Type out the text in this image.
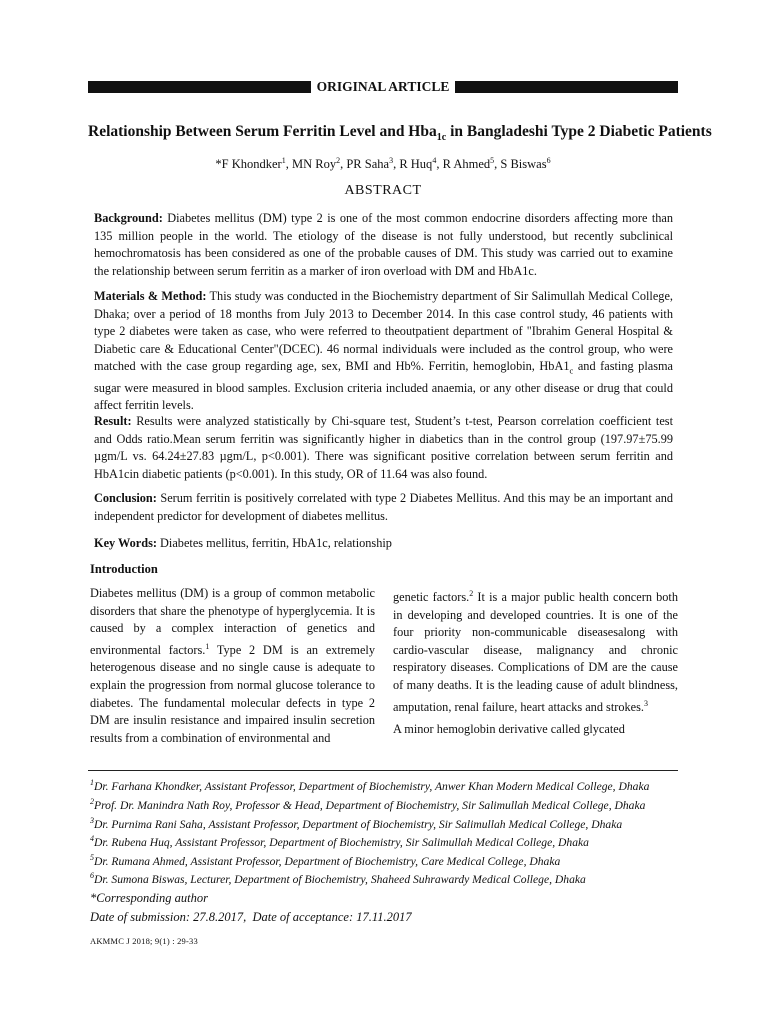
ORIGINAL ARTICLE
Relationship Between Serum Ferritin Level and Hba$_{1c}$ in Bangladeshi Type 2 Diabetic Patients
*F Khondker$^1$, MN Roy$^2$, PR Saha$^3$, R Huq$^4$, R Ahmed$^5$, S Biswas$^6$
ABSTRACT

Background: Diabetes mellitus (DM) type 2 is one of the most common endocrine disorders affecting more than 135 million people in the world. The etiology of the disease is not fully understood, but recently subclinical hemochromatosis has been considered as one of the probable causes of DM. This study was carried out to examine the relationship between serum ferritin as a marker of iron overload with DM and HbA1c.

Materials & Method: This study was conducted in the Biochemistry department of Sir Salimullah Medical College, Dhaka; over a period of 18 months from July 2013 to December 2014. In this case control study, 46 patients with type 2 diabetes were taken as case, who were referred to theoutpatient department of "Ibrahim General Hospital & Diabetic care & Educational Center"(DCEC). 46 normal individuals were included as the control group, who were matched with the case group regarding age, sex, BMI and Hb%. Ferritin, hemoglobin, $HbA1_c$ and fasting plasma sugar were measured in blood samples. Exclusion criteria included anaemia, or any other disease or drug that could affect ferritin levels.

Result: Results were analyzed statistically by Chi-square test, Student’s t-test, Pearson correlation coefficient test and Odds ratio.Mean serum ferritin was significantly higher in diabetics than in the control group (197.97±75.99 µgm/L vs. 64.24±27.83 µgm/L, p<0.001). There was significant positive correlation between serum ferritin and HbA1cin diabetic patients (p<0.001). In this study, OR of 11.64 was also found.

Conclusion: Serum ferritin is positively correlated with type 2 Diabetes Mellitus. And this may be an important and independent predictor for development of diabetes mellitus.

Key Words: Diabetes mellitus, ferritin, HbA1c, relationship

Introduction

Diabetes mellitus (DM) is a group of common metabolic disorders that share the phenotype of hyperglycemia. It is caused by a complex interaction of genetics and environmental factors.$^1$ Type 2 DM is an extremely heterogenous disease and no single cause is adequate to explain the progression from normal glucose tolerance to diabetes. The fundamental molecular defects in type 2 DM are insulin resistance and impaired insulin secretion results from a combination of environmental and

genetic factors.$^2$ It is a major public health concern both in developing and developed countries. It is one of the four priority non-communicable diseasesalong with cardio-vascular disease, malignancy and chronic respiratory diseases. Complications of DM are the cause of many deaths. It is the leading cause of adult blindness, amputation, renal failure, heart attacks and strokes.$^3$

A minor hemoglobin derivative called glycated

$^1$Dr. Farhana Khondker, Assistant Professor, Department of Biochemistry, Anwer Khan Modern Medical College, Dhaka
$^2$Prof. Dr. Manindra Nath Roy, Professor & Head, Department of Biochemistry, Sir Salimullah Medical College, Dhaka
$^3$Dr. Purnima Rani Saha, Assistant Professor, Department of Biochemistry, Sir Salimullah Medical College, Dhaka
$^4$Dr. Rubena Huq, Assistant Professor, Department of Biochemistry, Sir Salimullah Medical College, Dhaka
$^5$Dr. Rumana Ahmed, Assistant Professor, Department of Biochemistry, Care Medical College, Dhaka
$^6$Dr. Sumona Biswas, Lecturer, Department of Biochemistry, Shaheed Suhrawardy Medical College, Dhaka
*Corresponding author
Date of submission: 27.8.2017,  Date of acceptance: 17.11.2017
AKMMC J 2018; 9(1) : 29-33
